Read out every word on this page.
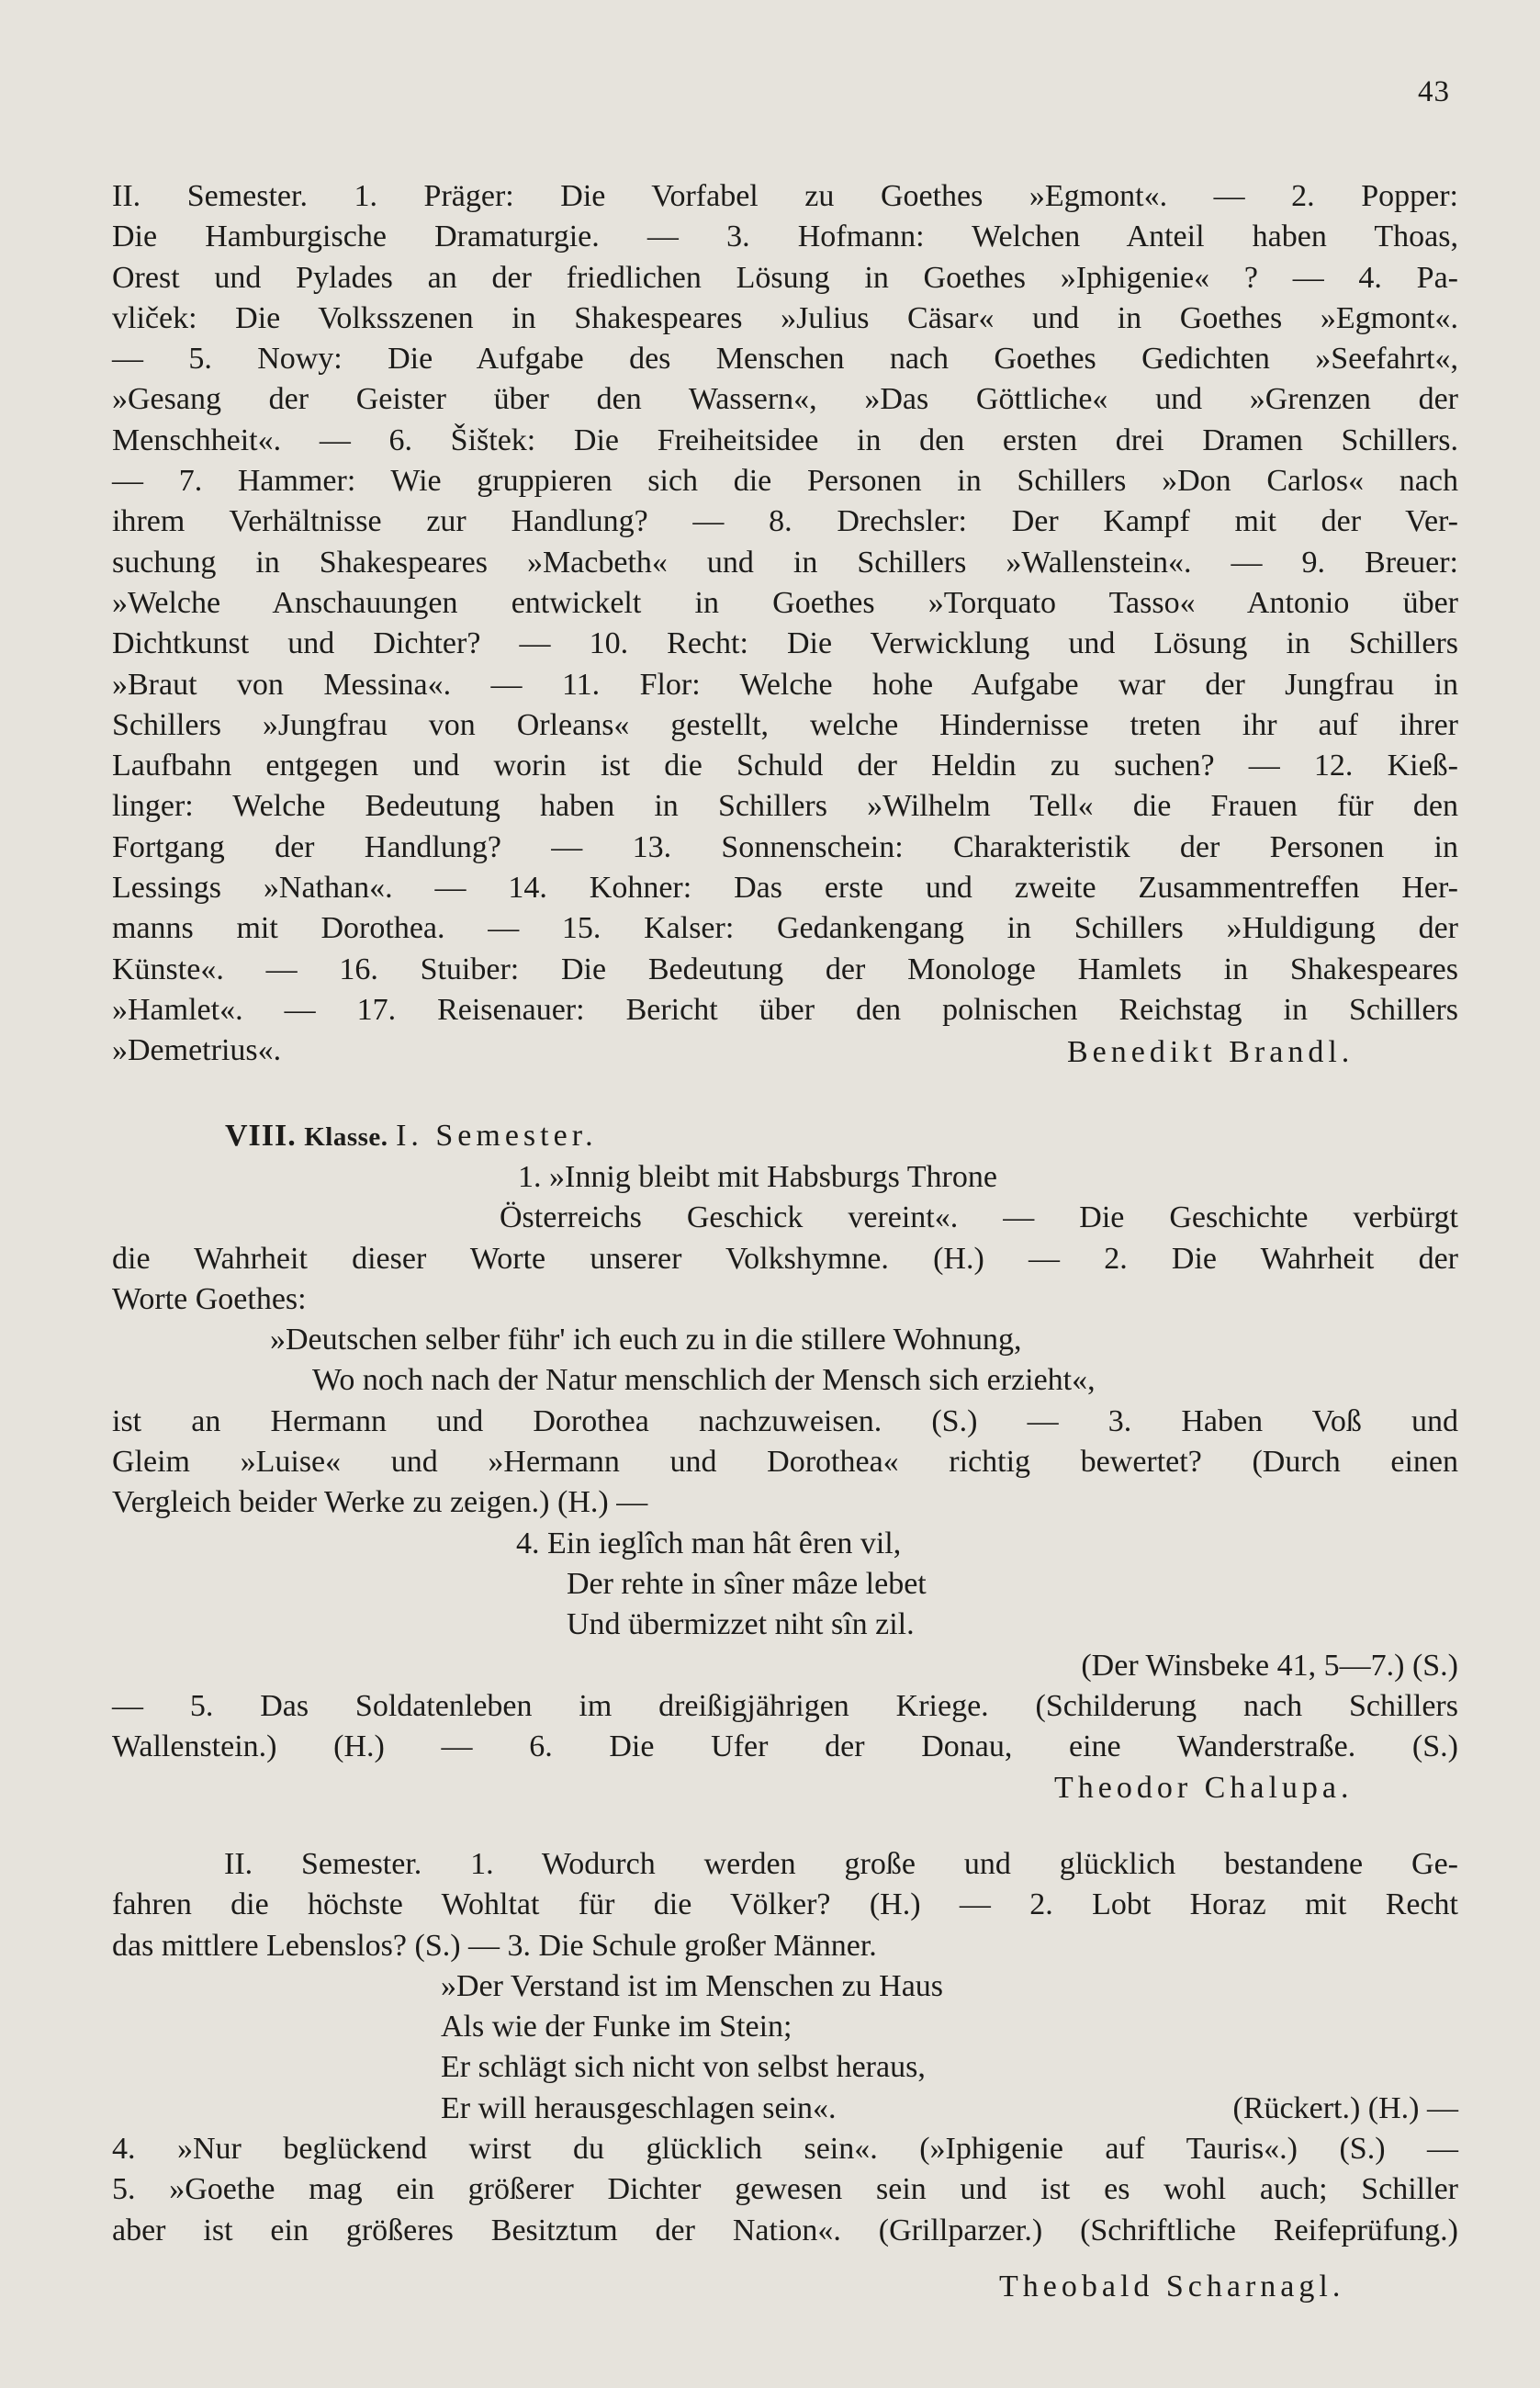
43
II. Semester. 1. Präger: Die Vorfabel zu Goethes »Egmont«. — 2. Popper:
Die Hamburgische Dramaturgie. — 3. Hofmann: Welchen Anteil haben Thoas,
Orest und Pylades an der friedlichen Lösung in Goethes »Iphigenie« ? — 4. Pa-
vliček: Die Volksszenen in Shakespeares »Julius Cäsar« und in Goethes »Egmont«.
— 5. Nowy: Die Aufgabe des Menschen nach Goethes Gedichten »Seefahrt«,
»Gesang der Geister über den Wassern«, »Das Göttliche« und »Grenzen der
Menschheit«. — 6. Šištek: Die Freiheitsidee in den ersten drei Dramen Schillers.
— 7. Hammer: Wie gruppieren sich die Personen in Schillers »Don Carlos« nach
ihrem Verhältnisse zur Handlung? — 8. Drechsler: Der Kampf mit der Ver-
suchung in Shakespeares »Macbeth« und in Schillers »Wallenstein«. — 9. Breuer:
»Welche Anschauungen entwickelt in Goethes »Torquato Tasso« Antonio über
Dichtkunst und Dichter? — 10. Recht: Die Verwicklung und Lösung in Schillers
»Braut von Messina«. — 11. Flor: Welche hohe Aufgabe war der Jungfrau in
Schillers »Jungfrau von Orleans« gestellt, welche Hindernisse treten ihr auf ihrer
Laufbahn entgegen und worin ist die Schuld der Heldin zu suchen? — 12. Kieß-
linger: Welche Bedeutung haben in Schillers »Wilhelm Tell« die Frauen für den
Fortgang der Handlung? — 13. Sonnenschein: Charakteristik der Personen in
Lessings »Nathan«. — 14. Kohner: Das erste und zweite Zusammentreffen Her-
manns mit Dorothea. — 15. Kalser: Gedankengang in Schillers »Huldigung der
Künste«. — 16. Stuiber: Die Bedeutung der Monologe Hamlets in Shakespeares
»Hamlet«. — 17. Reisenauer: Bericht über den polnischen Reichstag in Schillers
»Demetrius«.	Benedikt Brandl.
VIII. Klasse. I. Semester.
1. »Innig bleibt mit Habsburgs Throne
Österreichs Geschick vereint«. — Die Geschichte verbürgt
die Wahrheit dieser Worte unserer Volkshymne. (H.) — 2. Die Wahrheit der
Worte Goethes:
»Deutschen selber führ' ich euch zu in die stillere Wohnung,
Wo noch nach der Natur menschlich der Mensch sich erzieht«,
ist an Hermann und Dorothea nachzuweisen. (S.) — 3. Haben Voß und
Gleim »Luise« und »Hermann und Dorothea« richtig bewertet? (Durch einen
Vergleich beider Werke zu zeigen.) (H.) —
4. Ein ieglîch man hât êren vil,
Der rehte in sîner mâze lebet
Und übermizzet niht sîn zil.
(Der Winsbeke 41, 5—7.) (S.)
— 5. Das Soldatenleben im dreißigjährigen Kriege. (Schilderung nach Schillers
Wallenstein.) (H.) — 6. Die Ufer der Donau, eine Wanderstraße. (S.)
Theodor Chalupa.
II. Semester. 1. Wodurch werden große und glücklich bestandene Ge-
fahren die höchste Wohltat für die Völker? (H.) — 2. Lobt Horaz mit Recht
das mittlere Lebenslos? (S.) — 3. Die Schule großer Männer.
»Der Verstand ist im Menschen zu Haus
Als wie der Funke im Stein;
Er schlägt sich nicht von selbst heraus,
Er will herausgeschlagen sein«.	(Rückert.) (H.) —
4. »Nur beglückend wirst du glücklich sein«. (»Iphigenie auf Tauris«.) (S.) —
5. »Goethe mag ein größerer Dichter gewesen sein und ist es wohl auch; Schiller
aber ist ein größeres Besitztum der Nation«. (Grillparzer.) (Schriftliche Reifeprüfung.)
Theobald Scharnagl.
